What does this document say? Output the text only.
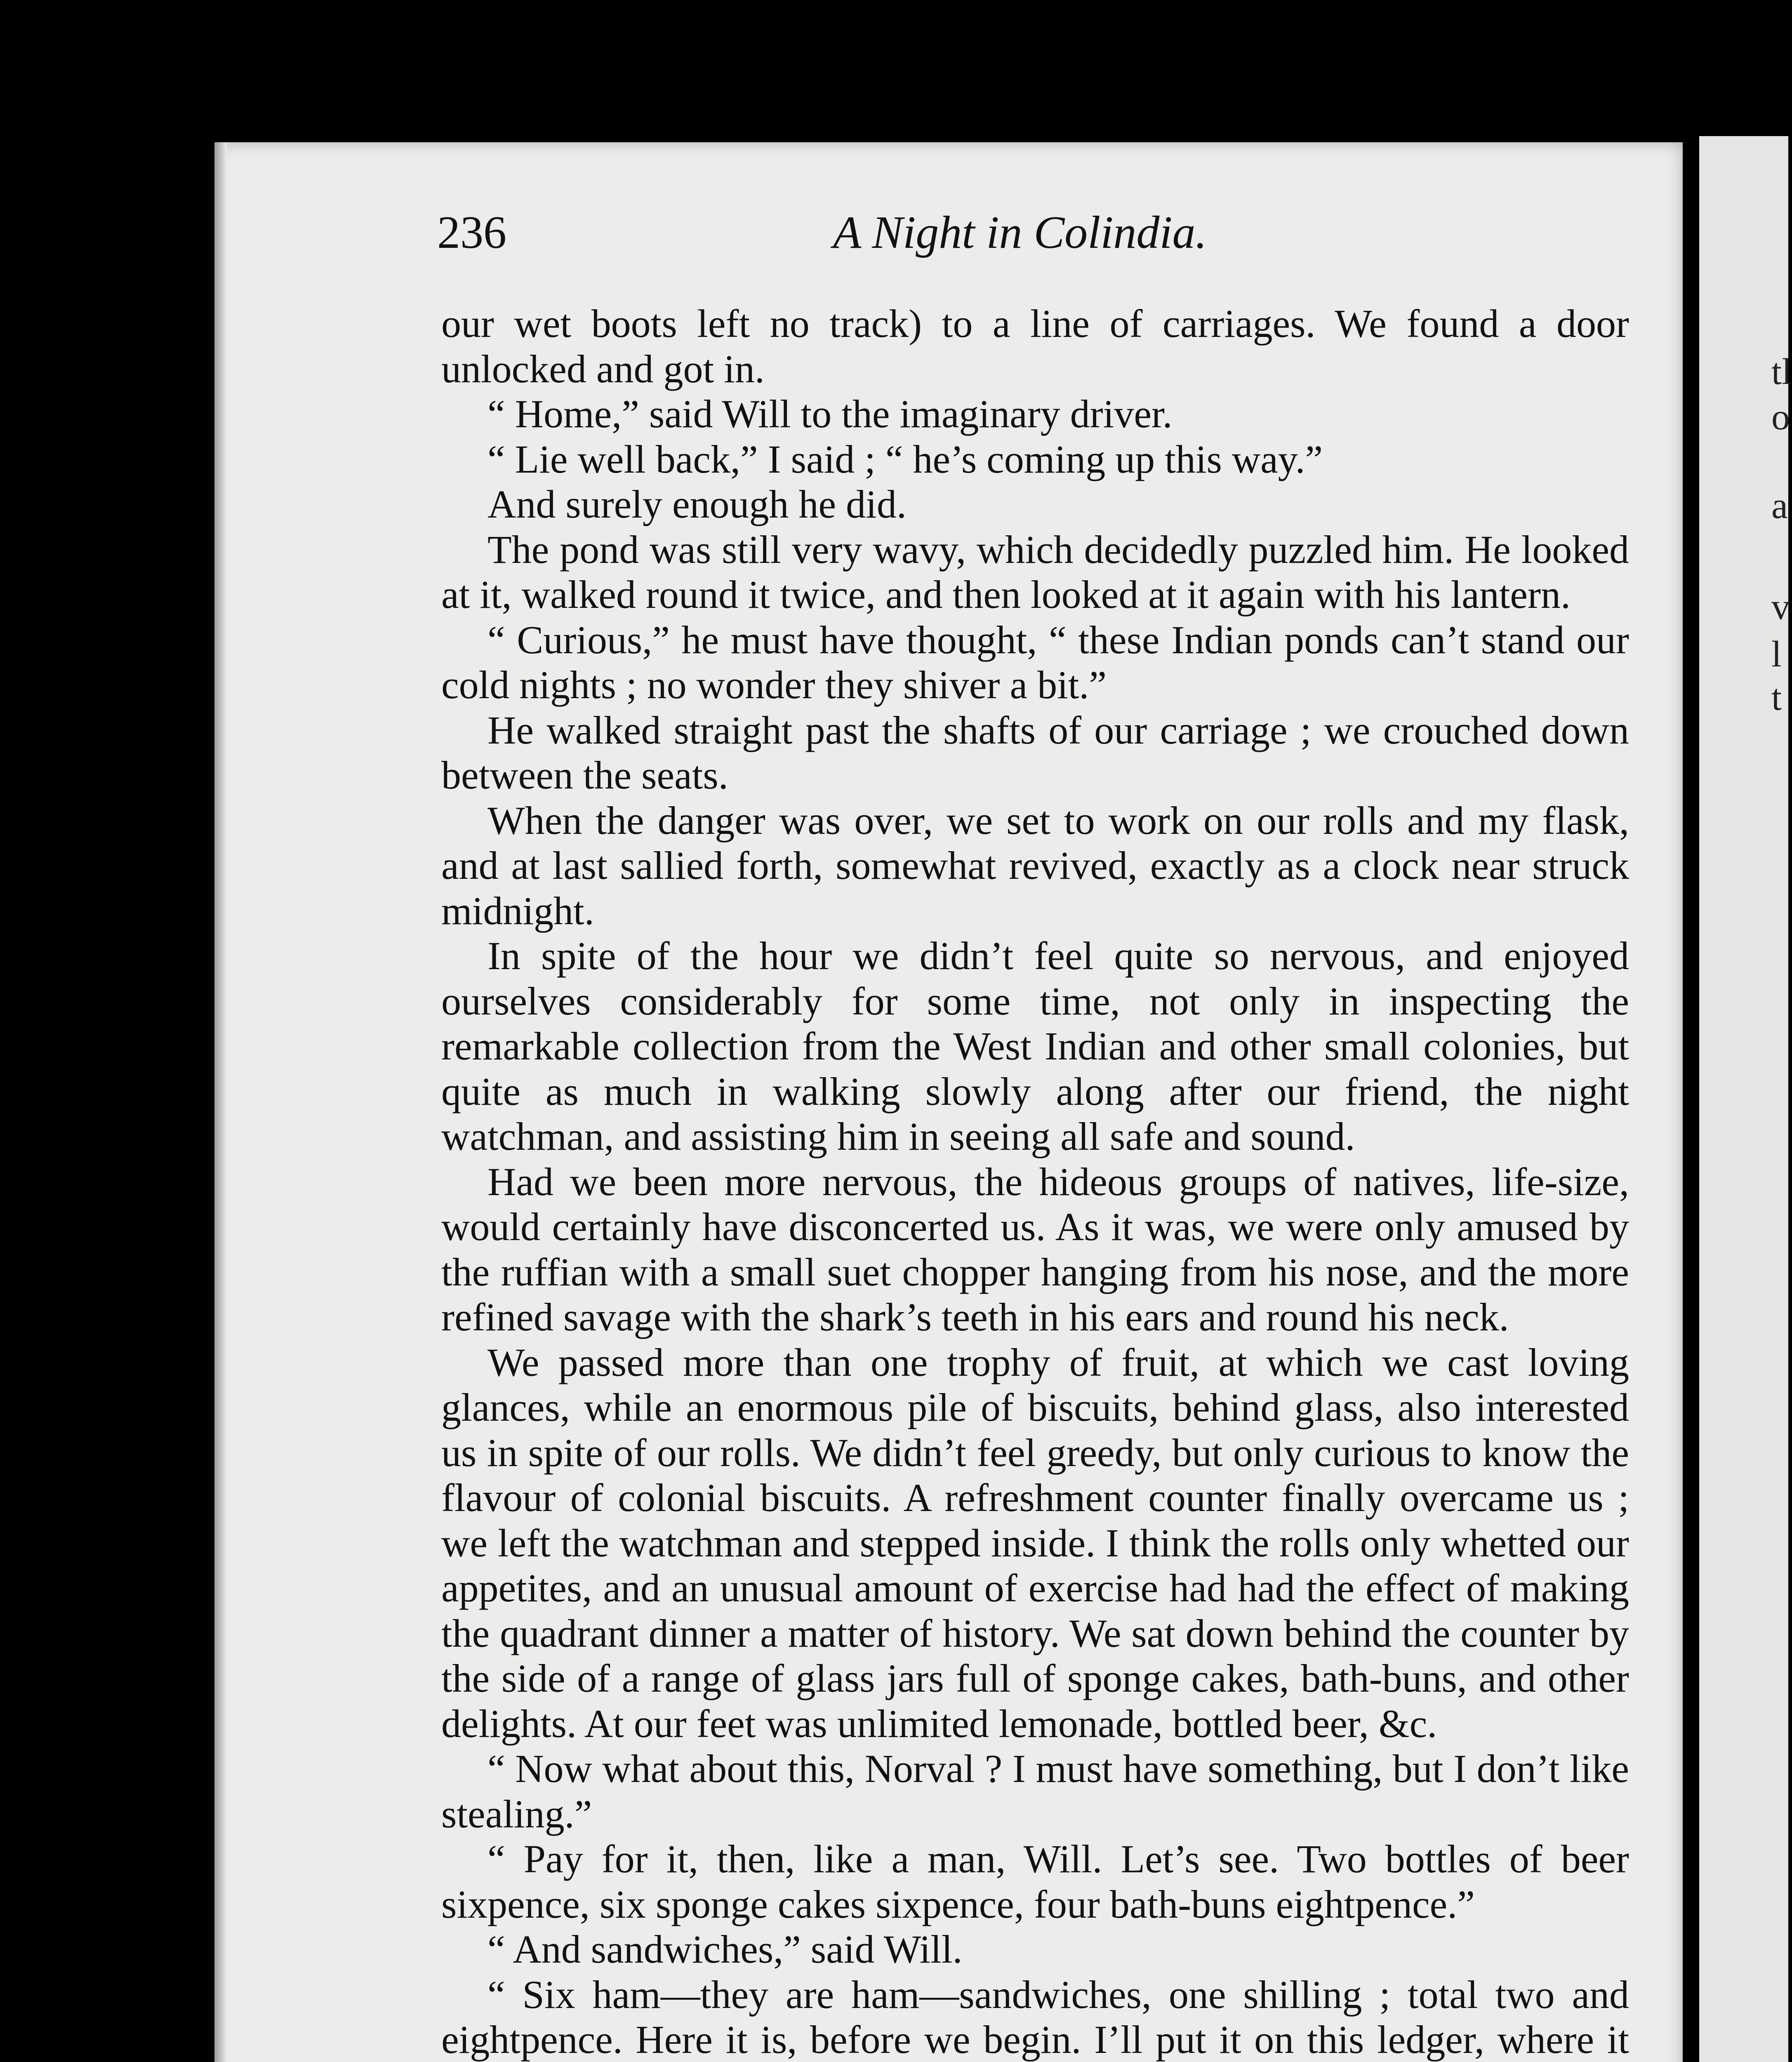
tl
o
a
v
l
t
236	A Night in Colindia.

our wet boots left no track) to a line of carriages. We found a door unlocked and got in.

“ Home,” said Will to the imaginary driver.

“ Lie well back,” I said ; “ he’s coming up this way.”

And surely enough he did.

The pond was still very wavy, which decidedly puzzled him. He looked at it, walked round it twice, and then looked at it again with his lantern.

“ Curious,” he must have thought, “ these Indian ponds can’t stand our cold nights ; no wonder they shiver a bit.”

He walked straight past the shafts of our carriage ; we crouched down between the seats.

When the danger was over, we set to work on our rolls and my flask, and at last sallied forth, somewhat revived, exactly as a clock near struck midnight.

In spite of the hour we didn’t feel quite so nervous, and enjoyed ourselves considerably for some time, not only in inspecting the remarkable collection from the West Indian and other small colonies, but quite as much in walking slowly along after our friend, the night watchman, and assisting him in seeing all safe and sound.

Had we been more nervous, the hideous groups of natives, life-size, would certainly have disconcerted us. As it was, we were only amused by the ruffian with a small suet chopper hanging from his nose, and the more refined savage with the shark’s teeth in his ears and round his neck.

We passed more than one trophy of fruit, at which we cast loving glances, while an enormous pile of biscuits, behind glass, also interested us in spite of our rolls. We didn’t feel greedy, but only curious to know the flavour of colonial biscuits. A refreshment counter finally overcame us ; we left the watchman and stepped inside. I think the rolls only whetted our appetites, and an unusual amount of exercise had had the effect of making the quadrant dinner a matter of history. We sat down behind the counter by the side of a range of glass jars full of sponge cakes, bath-buns, and other delights. At our feet was unlimited lemonade, bottled beer, &c.

“ Now what about this, Norval ? I must have something, but I don’t like stealing.”

“ Pay for it, then, like a man, Will. Let’s see. Two bottles of beer sixpence, six sponge cakes sixpence, four bath-buns eightpence.”

“ And sandwiches,” said Will.

“ Six ham—they are ham—sandwiches, one shilling ; total two and eightpence. Here it is, before we begin. I’ll put it on this ledger, where it
